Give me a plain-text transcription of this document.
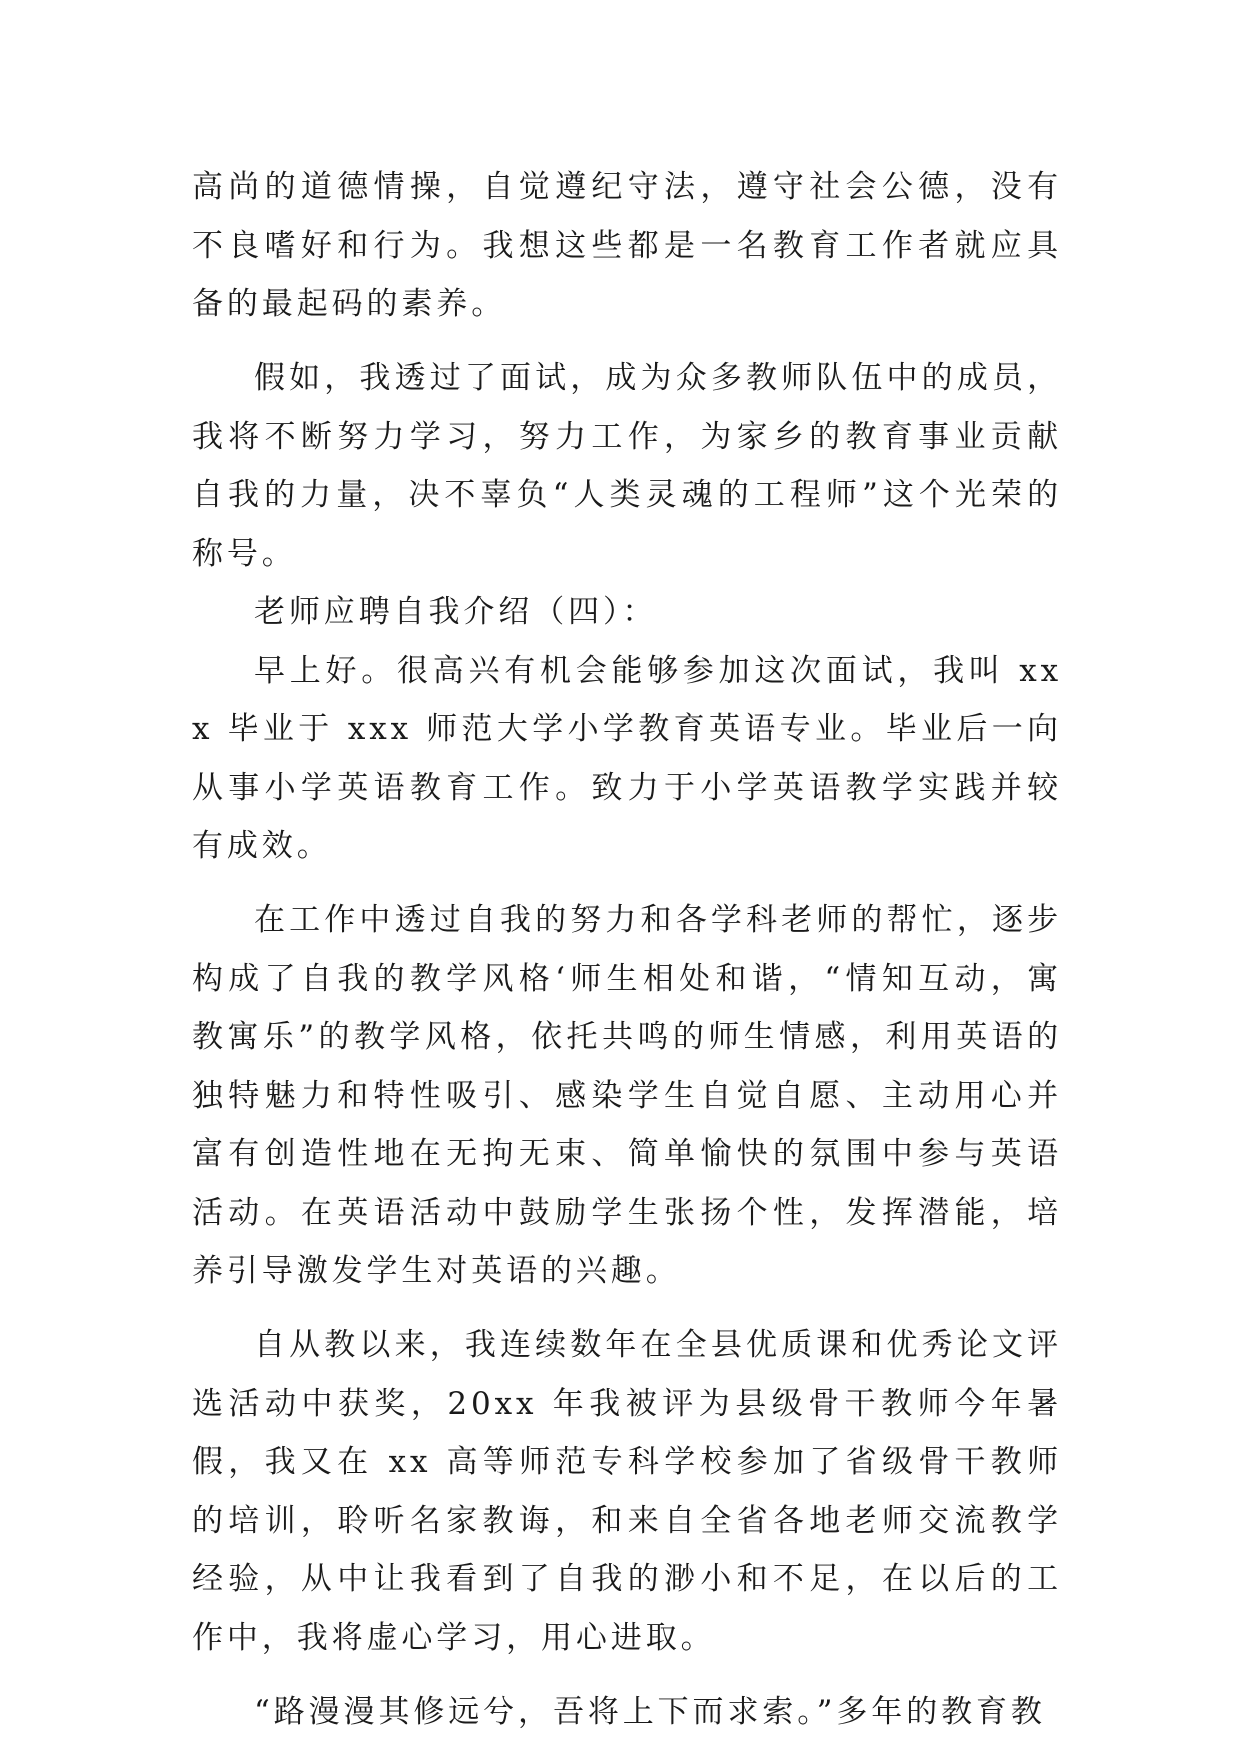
高尚的道德情操，自觉遵纪守法，遵守社会公德，没有不良嗜好和行为。我想这些都是一名教育工作者就应具备的最起码的素养。

假如，我透过了面试，成为众多教师队伍中的成员，我将不断努力学习，努力工作，为家乡的教育事业贡献自我的力量，决不辜负“人类灵魂的工程师”这个光荣的称号。

老师应聘自我介绍（四）：

早上好。很高兴有机会能够参加这次面试，我叫 xxx 毕业于 xxx 师范大学小学教育英语专业。毕业后一向从事小学英语教育工作。致力于小学英语教学实践并较有成效。

在工作中透过自我的努力和各学科老师的帮忙，逐步构成了自我的教学风格‘师生相处和谐，“情知互动，寓教寓乐”的教学风格，依托共鸣的师生情感，利用英语的独特魅力和特性吸引、感染学生自觉自愿、主动用心并富有创造性地在无拘无束、简单愉快的氛围中参与英语活动。在英语活动中鼓励学生张扬个性，发挥潜能，培养引导激发学生对英语的兴趣。

自从教以来，我连续数年在全县优质课和优秀论文评选活动中获奖，20xx 年我被评为县级骨干教师今年暑假，我又在 xx 高等师范专科学校参加了省级骨干教师的培训，聆听名家教诲，和来自全省各地老师交流教学经验，从中让我看到了自我的渺小和不足，在以后的工作中，我将虚心学习，用心进取。

“路漫漫其修远兮，吾将上下而求索。”多年的教育教
